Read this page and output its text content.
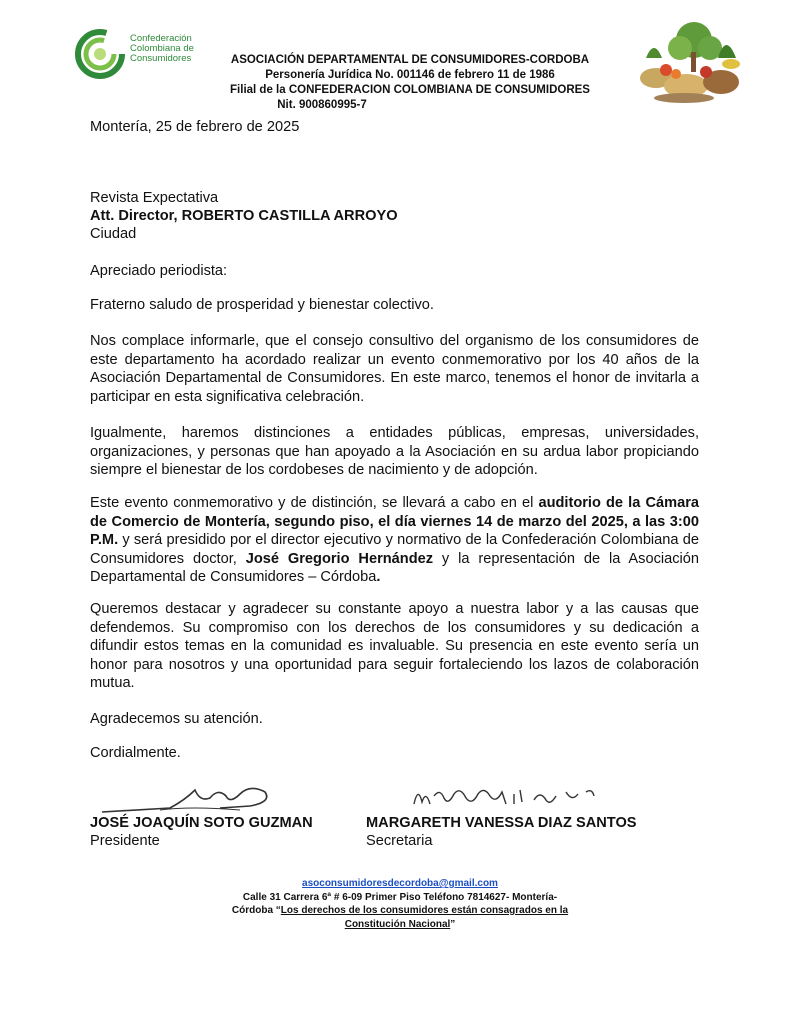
Confederación
Colombiana de
Consumidores	ASOCIACIÓN DEPARTAMENTAL DE CONSUMIDORES-CORDOBA
Personería Jurídica No. 001146 de febrero 11 de 1986
Filial de la CONFEDERACION COLOMBIANA DE CONSUMIDORES
Nit. 900860995-7
Montería, 25 de febrero de 2025
Revista Expectativa
Att. Director, ROBERTO CASTILLA ARROYO
Ciudad
Apreciado periodista:
Fraterno saludo de prosperidad y bienestar colectivo.
Nos complace informarle, que el consejo consultivo del organismo de los consumidores de este departamento ha acordado realizar un evento conmemorativo por los 40 años de la Asociación Departamental de Consumidores. En este marco, tenemos el honor de invitarla a participar en esta significativa celebración.
Igualmente, haremos distinciones a entidades públicas, empresas, universidades, organizaciones, y personas que han apoyado a la Asociación en su ardua labor propiciando siempre el bienestar de los cordobeses de nacimiento y de adopción.
Este evento conmemorativo y de distinción, se llevará a cabo en el auditorio de la Cámara de Comercio de Montería, segundo piso, el día viernes 14 de marzo del 2025, a las 3:00 P.M. y será presidido por el director ejecutivo y normativo de la Confederación Colombiana de Consumidores doctor, José Gregorio Hernández y la representación de la Asociación Departamental de Consumidores – Córdoba.
Queremos destacar y agradecer su constante apoyo a nuestra labor y a las causas que defendemos. Su compromiso con los derechos de los consumidores y su dedicación a difundir estos temas en la comunidad es invaluable. Su presencia en este evento sería un honor para nosotros y una oportunidad para seguir fortaleciendo los lazos de colaboración mutua.
Agradecemos su atención.
Cordialmente.
JOSÉ JOAQUÍN SOTO GUZMAN
Presidente
MARGARETH VANESSA DIAZ SANTOS
Secretaria
asoconsumidoresdecordoba@gmail.com
Calle 31 Carrera 6ª # 6-09 Primer Piso Teléfono 7814627- Montería-
Córdoba “Los derechos de los consumidores están consagrados en la Constitución Nacional”
